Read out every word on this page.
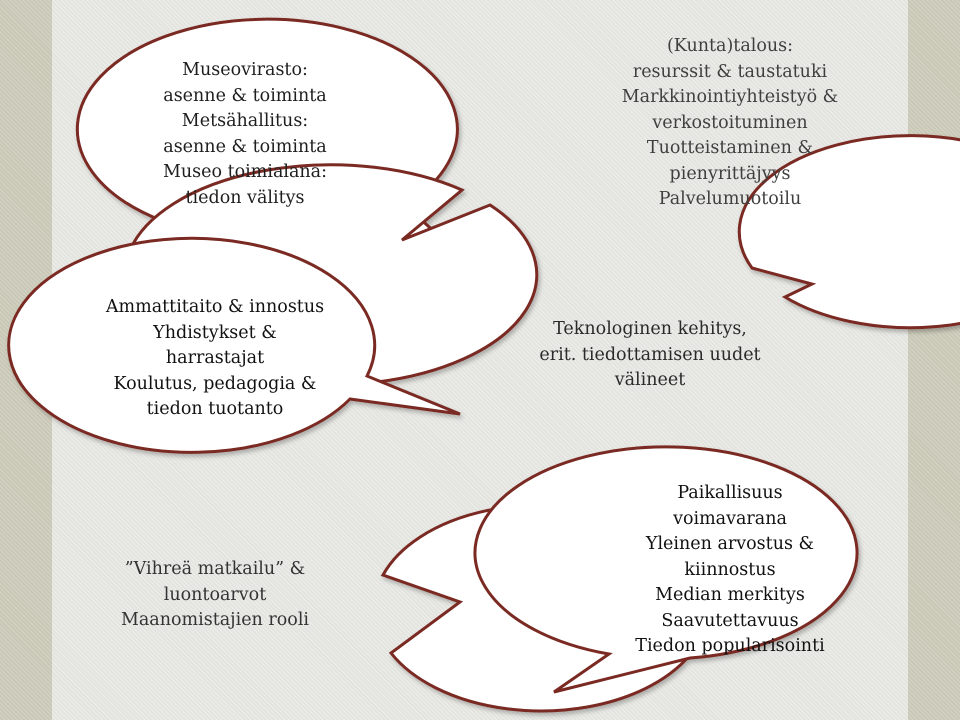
Museovirasto:
asenne & toiminta
Metsähallitus:
asenne & toiminta
Museo toimialana:
tiedon välitys
(Kunta)talous:
resurssit & taustatuki
Markkinointiyhteistyö &
verkostoituminen
Tuotteistaminen &
pienyrittäjyys
Palvelumuotoilu
Ammattitaito & innostus
Yhdistykset &
harrastajat
Koulutus, pedagogia &
tiedon tuotanto
Teknologinen kehitys,
erit. tiedottamisen uudet
välineet
”Vihreä matkailu” &
luontoarvot
Maanomistajien rooli
Paikallisuus
voimavarana
Yleinen arvostus &
kiinnostus
Median merkitys
Saavutettavuus
Tiedon popularisointi
